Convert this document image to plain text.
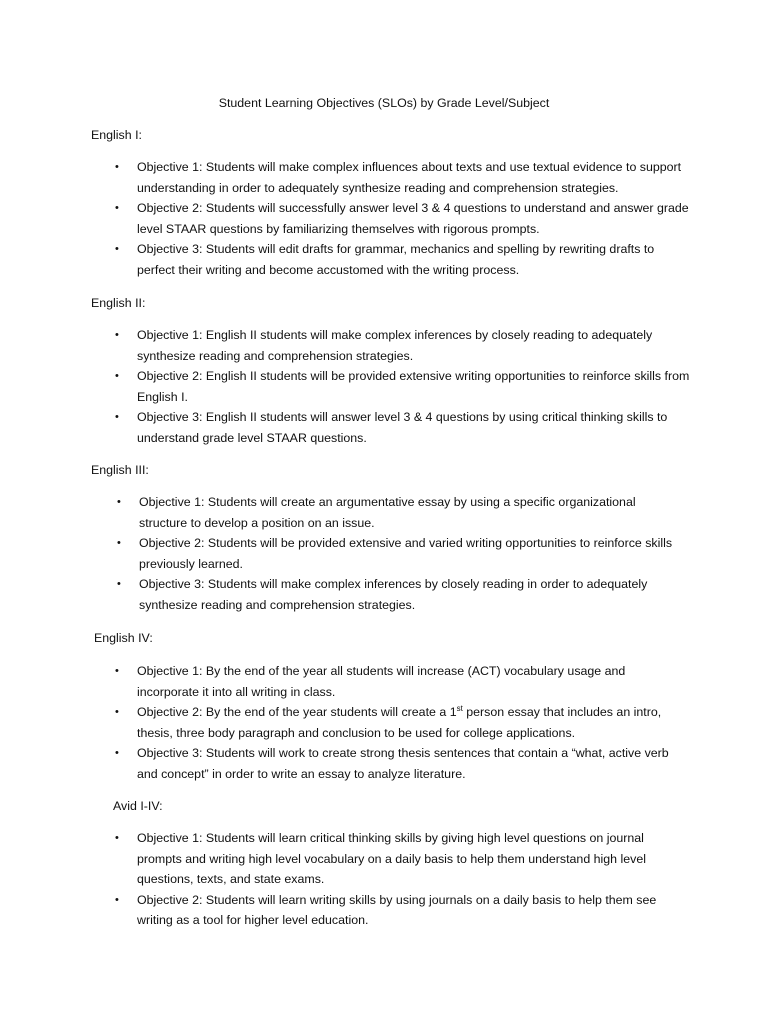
Student Learning Objectives (SLOs) by Grade Level/Subject
English I:
• Objective 1: Students will make complex influences about texts and use textual evidence to support understanding in order to adequately synthesize reading and comprehension strategies.
• Objective 2: Students will successfully answer level 3 & 4 questions to understand and answer grade level STAAR questions by familiarizing themselves with rigorous prompts.
• Objective 3: Students will edit drafts for grammar, mechanics and spelling by rewriting drafts to perfect their writing and become accustomed with the writing process.
English II:
• Objective 1: English II students will make complex inferences by closely reading to adequately synthesize reading and comprehension strategies.
• Objective 2: English II students will be provided extensive writing opportunities to reinforce skills from English I.
• Objective 3: English II students will answer level 3 & 4 questions by using critical thinking skills to understand grade level STAAR questions.
English III:
• Objective 1: Students will create an argumentative essay by using a specific organizational structure to develop a position on an issue.
• Objective 2: Students will be provided extensive and varied writing opportunities to reinforce skills previously learned.
• Objective 3: Students will make complex inferences by closely reading in order to adequately synthesize reading and comprehension strategies.
English IV:
• Objective 1: By the end of the year all students will increase (ACT) vocabulary usage and incorporate it into all writing in class.
• Objective 2: By the end of the year students will create a 1st person essay that includes an intro, thesis, three body paragraph and conclusion to be used for college applications.
• Objective 3: Students will work to create strong thesis sentences that contain a “what, active verb and concept” in order to write an essay to analyze literature.
Avid I-IV:
• Objective 1: Students will learn critical thinking skills by giving high level questions on journal prompts and writing high level vocabulary on a daily basis to help them understand high level questions, texts, and state exams.
• Objective 2: Students will learn writing skills by using journals on a daily basis to help them see writing as a tool for higher level education.
